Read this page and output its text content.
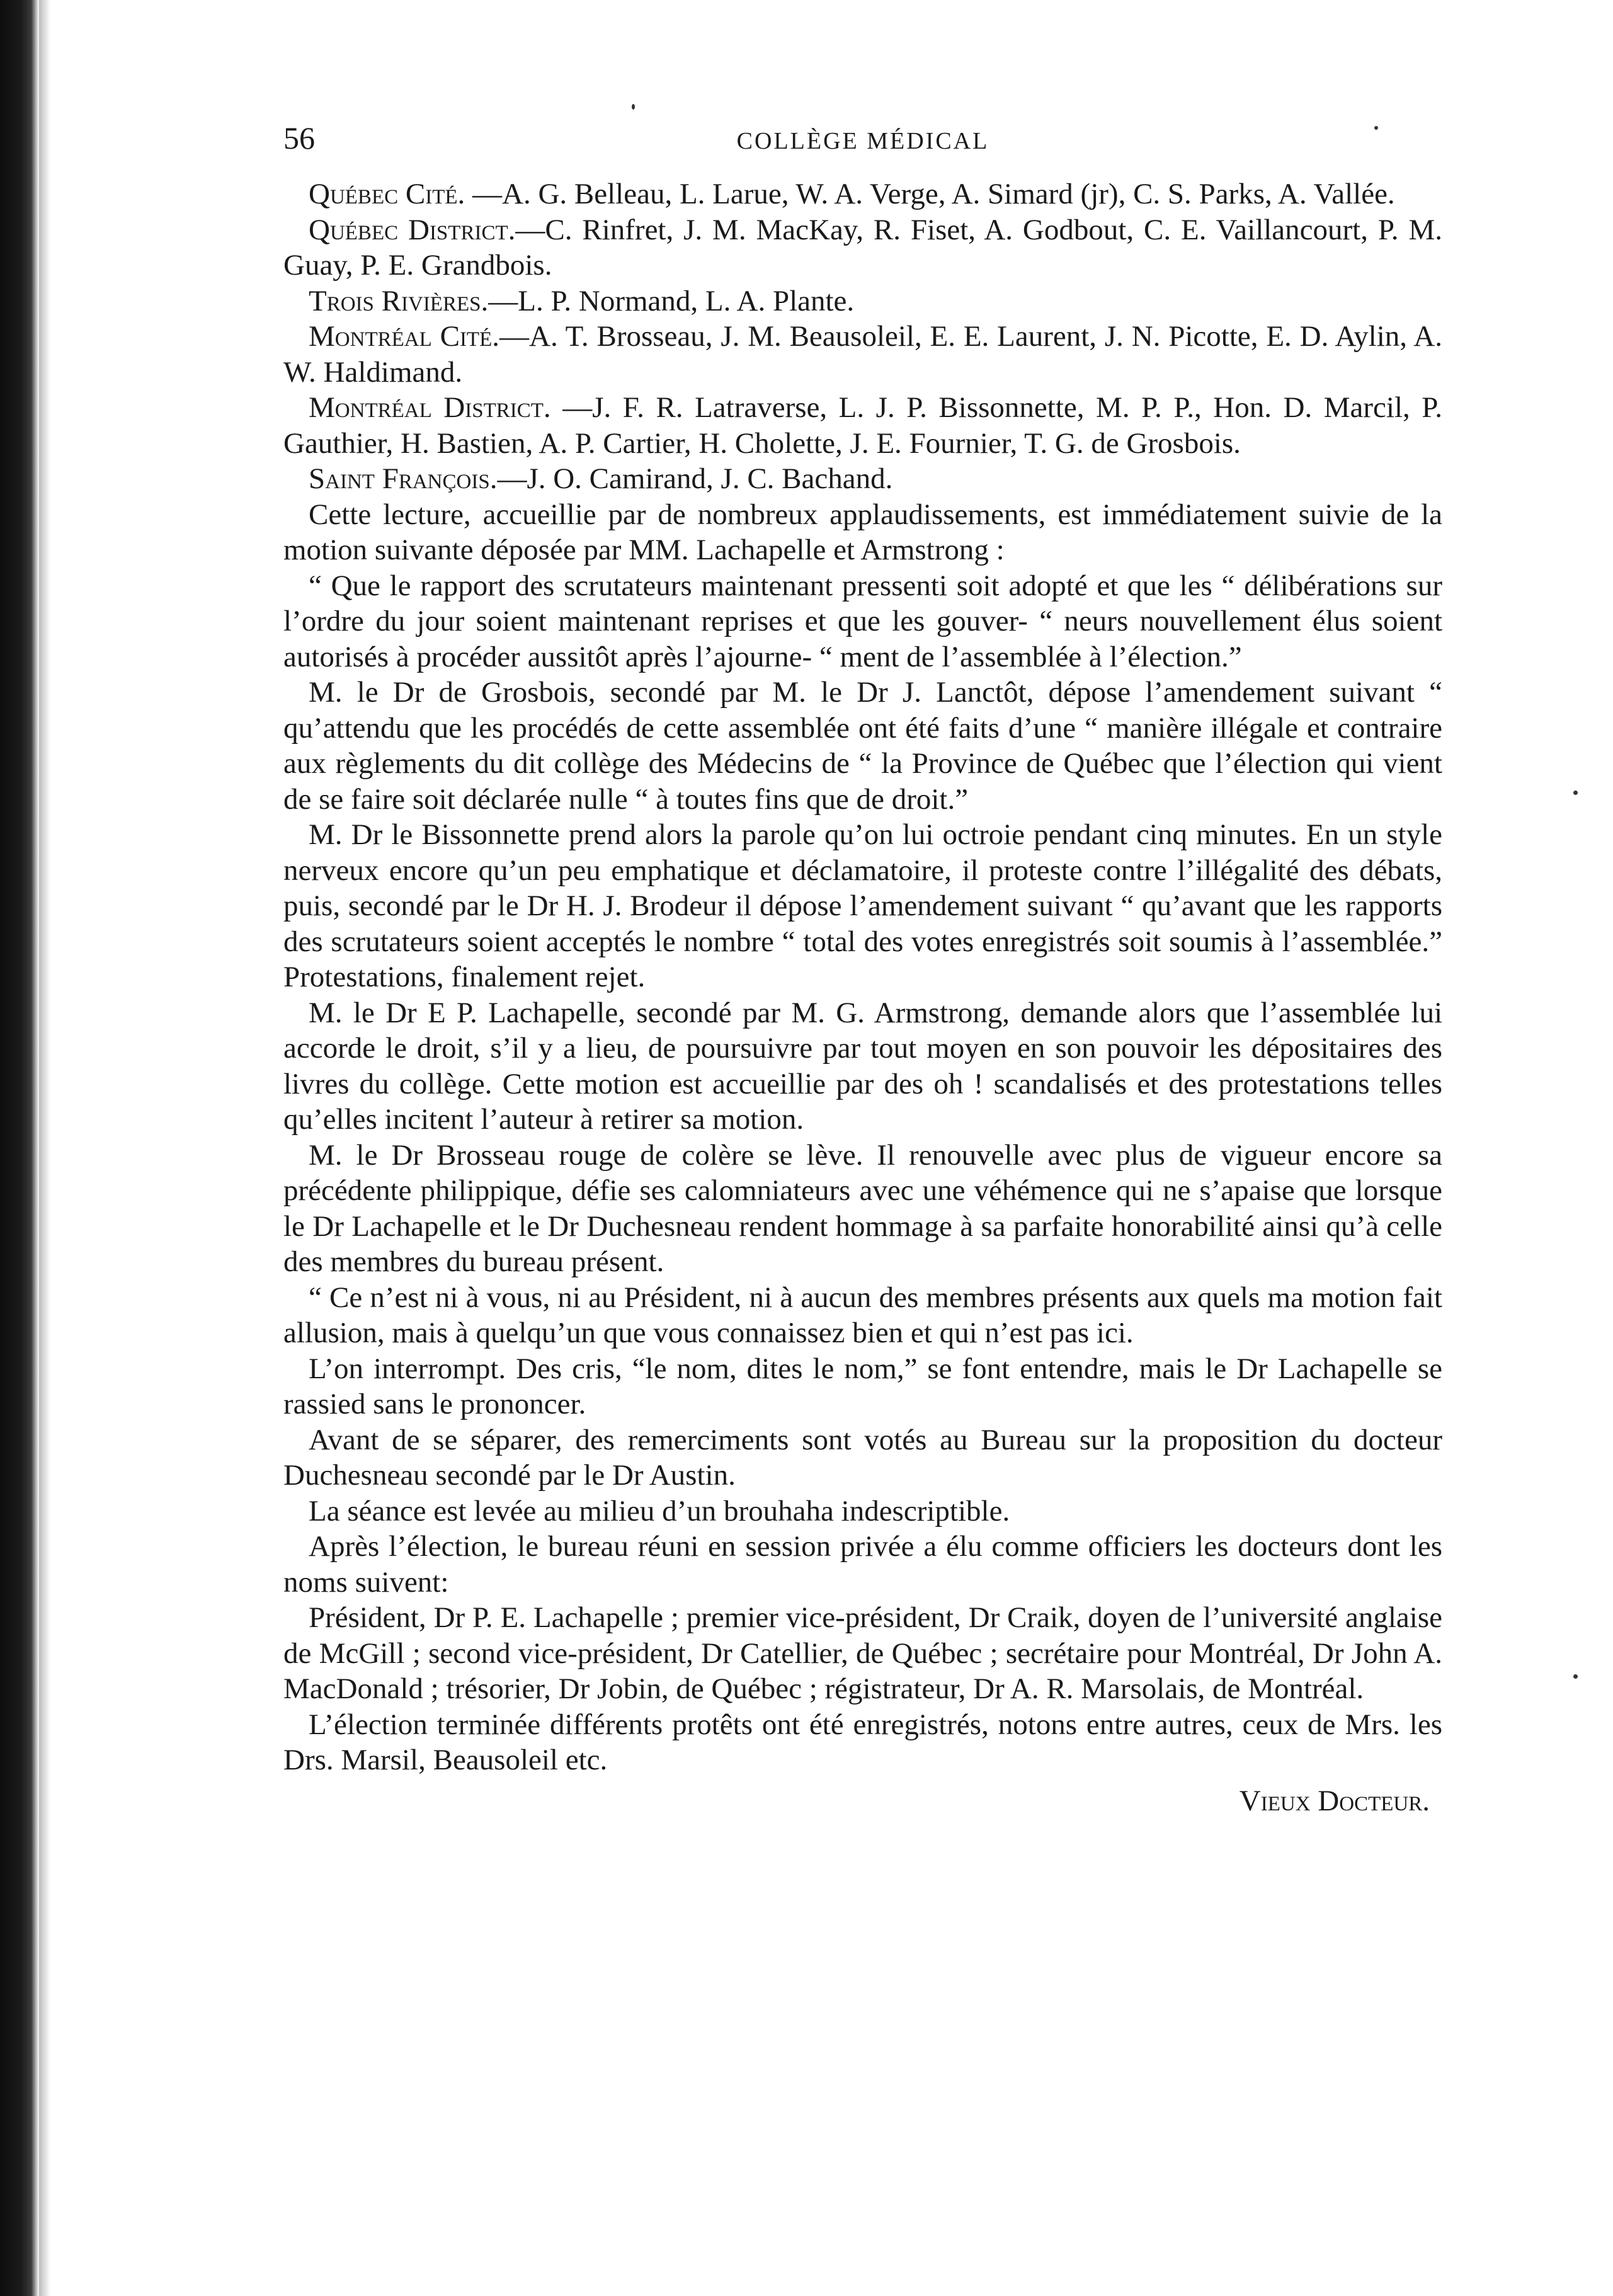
56	COLLÈGE MÉDICAL

Québec Cité. —A. G. Belleau, L. Larue, W. A. Verge, A. Simard (jr), C. S. Parks, A. Vallée.

Québec District.—C. Rinfret, J. M. MacKay, R. Fiset, A. Godbout, C. E. Vaillancourt, P. M. Guay, P. E. Grandbois.

Trois Rivières.—L. P. Normand, L. A. Plante.

Montréal Cité.—A. T. Brosseau, J. M. Beausoleil, E. E. Laurent, J. N. Picotte, E. D. Aylin, A. W. Haldimand.

Montréal District. —J. F. R. Latraverse, L. J. P. Bissonnette, M. P. P., Hon. D. Marcil, P. Gauthier, H. Bastien, A. P. Cartier, H. Cholette, J. E. Fournier, T. G. de Grosbois.

Saint François.—J. O. Camirand, J. C. Bachand.

Cette lecture, accueillie par de nombreux applaudissements, est immédiatement suivie de la motion suivante déposée par MM. Lachapelle et Armstrong :

“ Que le rapport des scrutateurs maintenant pressenti soit adopté et que les “ délibérations sur l’ordre du jour soient maintenant reprises et que les gouver- “ neurs nouvellement élus soient autorisés à procéder aussitôt après l’ajourne- “ ment de l’assemblée à l’élection.”

M. le Dr de Grosbois, secondé par M. le Dr J. Lanctôt, dépose l’amendement suivant “ qu’attendu que les procédés de cette assemblée ont été faits d’une “ manière illégale et contraire aux règlements du dit collège des Médecins de “ la Province de Québec que l’élection qui vient de se faire soit déclarée nulle “ à toutes fins que de droit.”

M. Dr le Bissonnette prend alors la parole qu’on lui octroie pendant cinq minutes. En un style nerveux encore qu’un peu emphatique et déclamatoire, il proteste contre l’illégalité des débats, puis, secondé par le Dr H. J. Brodeur il dépose l’amendement suivant “ qu’avant que les rapports des scrutateurs soient acceptés le nombre “ total des votes enregistrés soit soumis à l’assemblée.” Protestations, finalement rejet.

M. le Dr E P. Lachapelle, secondé par M. G. Armstrong, demande alors que l’assemblée lui accorde le droit, s’il y a lieu, de poursuivre par tout moyen en son pouvoir les dépositaires des livres du collège. Cette motion est accueillie par des oh ! scandalisés et des protestations telles qu’elles incitent l’auteur à retirer sa motion.

M. le Dr Brosseau rouge de colère se lève. Il renouvelle avec plus de vigueur encore sa précédente philippique, défie ses calomniateurs avec une véhémence qui ne s’apaise que lorsque le Dr Lachapelle et le Dr Duchesneau rendent hommage à sa parfaite honorabilité ainsi qu’à celle des membres du bureau présent.

“ Ce n’est ni à vous, ni au Président, ni à aucun des membres présents aux quels ma motion fait allusion, mais à quelqu’un que vous connaissez bien et qui n’est pas ici.

L’on interrompt. Des cris, “le nom, dites le nom,” se font entendre, mais le Dr Lachapelle se rassied sans le prononcer.

Avant de se séparer, des remerciments sont votés au Bureau sur la proposition du docteur Duchesneau secondé par le Dr Austin.

La séance est levée au milieu d’un brouhaha indescriptible.

Après l’élection, le bureau réuni en session privée a élu comme officiers les docteurs dont les noms suivent:

Président, Dr P. E. Lachapelle ; premier vice-président, Dr Craik, doyen de l’université anglaise de McGill ; second vice-président, Dr Catellier, de Québec ; secrétaire pour Montréal, Dr John A. MacDonald ; trésorier, Dr Jobin, de Québec ; régistrateur, Dr A. R. Marsolais, de Montréal.

L’élection terminée différents protêts ont été enregistrés, notons entre autres, ceux de Mrs. les Drs. Marsil, Beausoleil etc.

Vieux Docteur.
